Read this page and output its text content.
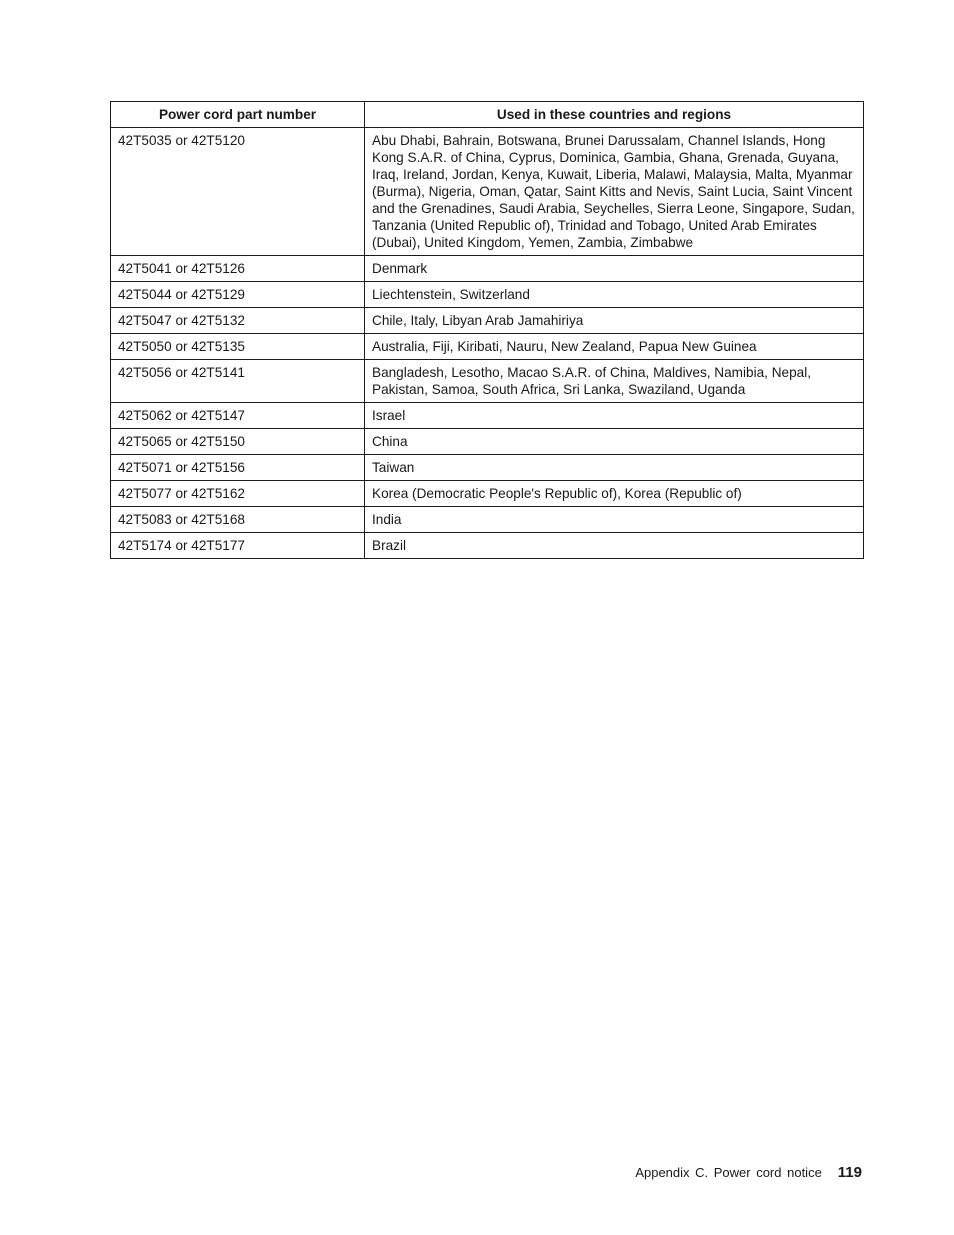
Power cord part number	Used in these countries and regions
42T5035 or 42T5120	Abu Dhabi, Bahrain, Botswana, Brunei Darussalam, Channel Islands, Hong Kong S.A.R. of China, Cyprus, Dominica, Gambia, Ghana, Grenada, Guyana, Iraq, Ireland, Jordan, Kenya, Kuwait, Liberia, Malawi, Malaysia, Malta, Myanmar (Burma), Nigeria, Oman, Qatar, Saint Kitts and Nevis, Saint Lucia, Saint Vincent and the Grenadines, Saudi Arabia, Seychelles, Sierra Leone, Singapore, Sudan, Tanzania (United Republic of), Trinidad and Tobago, United Arab Emirates (Dubai), United Kingdom, Yemen, Zambia, Zimbabwe
42T5041 or 42T5126	Denmark
42T5044 or 42T5129	Liechtenstein, Switzerland
42T5047 or 42T5132	Chile, Italy, Libyan Arab Jamahiriya
42T5050 or 42T5135	Australia, Fiji, Kiribati, Nauru, New Zealand, Papua New Guinea
42T5056 or 42T5141	Bangladesh, Lesotho, Macao S.A.R. of China, Maldives, Namibia, Nepal, Pakistan, Samoa, South Africa, Sri Lanka, Swaziland, Uganda
42T5062 or 42T5147	Israel
42T5065 or 42T5150	China
42T5071 or 42T5156	Taiwan
42T5077 or 42T5162	Korea (Democratic People's Republic of), Korea (Republic of)
42T5083 or 42T5168	India
42T5174 or 42T5177	Brazil
Appendix C. Power cord notice 119
